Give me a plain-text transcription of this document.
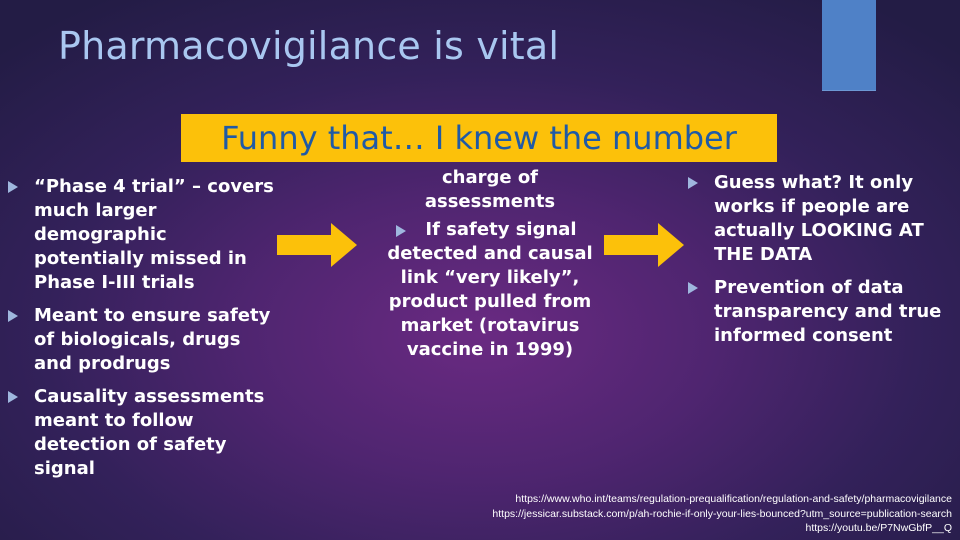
Pharmacovigilance is vital
Funny that… I knew the number
“Phase 4 trial” – covers much larger demographic potentially missed in Phase I-III trials
Meant to ensure safety of biologicals, drugs and prodrugs
Causality assessments meant to follow detection of safety signal
charge of assessments
If safety signal detected and causal link “very likely”, product pulled from market (rotavirus vaccine in 1999)
Guess what? It only works if people are actually LOOKING AT THE DATA
Prevention of data transparency and true informed consent
https://www.who.int/teams/regulation-prequalification/regulation-and-safety/pharmacovigilance
https://jessicar.substack.com/p/ah-rochie-if-only-your-lies-bounced?utm_source=publication-search
https://youtu.be/P7NwGbfP__Q
